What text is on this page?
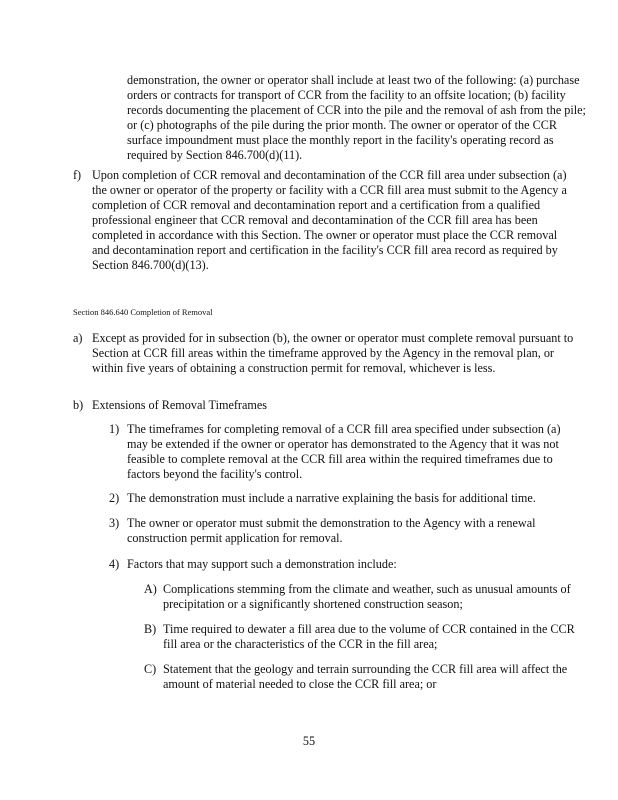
demonstration, the owner or operator shall include at least two of the following: (a) purchase orders or contracts for transport of CCR from the facility to an offsite location; (b) facility records documenting the placement of CCR into the pile and the removal of ash from the pile; or (c) photographs of the pile during the prior month. The owner or operator of the CCR surface impoundment must place the monthly report in the facility's operating record as required by Section 846.700(d)(11).

f) Upon completion of CCR removal and decontamination of the CCR fill area under subsection (a) the owner or operator of the property or facility with a CCR fill area must submit to the Agency a completion of CCR removal and decontamination report and a certification from a qualified professional engineer that CCR removal and decontamination of the CCR fill area has been completed in accordance with this Section. The owner or operator must place the CCR removal and decontamination report and certification in the facility's CCR fill area record as required by Section 846.700(d)(13).

Section 846.640 Completion of Removal
a) Except as provided for in subsection (b), the owner or operator must complete removal pursuant to Section at CCR fill areas within the timeframe approved by the Agency in the removal plan, or within five years of obtaining a construction permit for removal, whichever is less.

b) Extensions of Removal Timeframes

1) The timeframes for completing removal of a CCR fill area specified under subsection (a) may be extended if the owner or operator has demonstrated to the Agency that it was not feasible to complete removal at the CCR fill area within the required timeframes due to factors beyond the facility's control.

2) The demonstration must include a narrative explaining the basis for additional time.

3) The owner or operator must submit the demonstration to the Agency with a renewal construction permit application for removal.

4) Factors that may support such a demonstration include:

A) Complications stemming from the climate and weather, such as unusual amounts of precipitation or a significantly shortened construction season;

B) Time required to dewater a fill area due to the volume of CCR contained in the CCR fill area or the characteristics of the CCR in the fill area;

C) Statement that the geology and terrain surrounding the CCR fill area will affect the amount of material needed to close the CCR fill area; or

55
